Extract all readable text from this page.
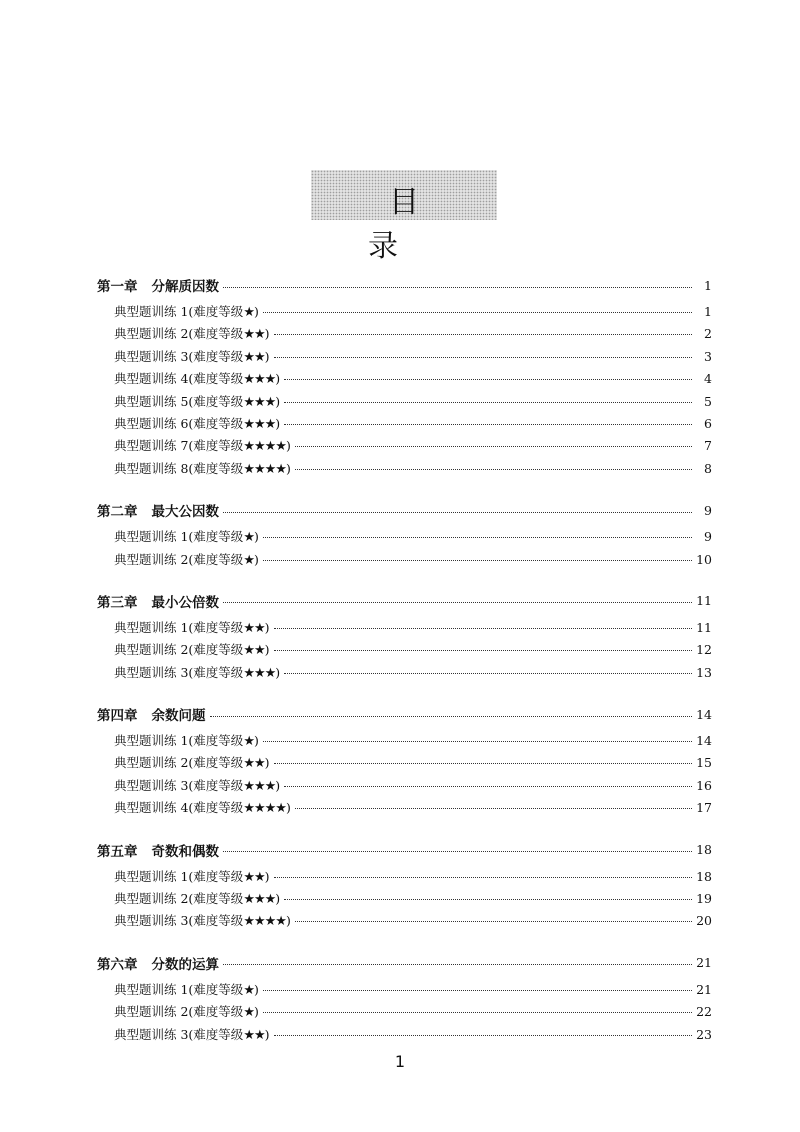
目 录
第一章 分解质因数	1
典型题训练 1(难度等级★)	1
典型题训练 2(难度等级★★)	2
典型题训练 3(难度等级★★)	3
典型题训练 4(难度等级★★★)	4
典型题训练 5(难度等级★★★)	5
典型题训练 6(难度等级★★★)	6
典型题训练 7(难度等级★★★★)	7
典型题训练 8(难度等级★★★★)	8
第二章 最大公因数	9
典型题训练 1(难度等级★)	9
典型题训练 2(难度等级★)	10
第三章 最小公倍数	11
典型题训练 1(难度等级★★)	11
典型题训练 2(难度等级★★)	12
典型题训练 3(难度等级★★★)	13
第四章 余数问题	14
典型题训练 1(难度等级★)	14
典型题训练 2(难度等级★★)	15
典型题训练 3(难度等级★★★)	16
典型题训练 4(难度等级★★★★)	17
第五章 奇数和偶数	18
典型题训练 1(难度等级★★)	18
典型题训练 2(难度等级★★★)	19
典型题训练 3(难度等级★★★★)	20
第六章 分数的运算	21
典型题训练 1(难度等级★)	21
典型题训练 2(难度等级★)	22
典型题训练 3(难度等级★★)	23
1
